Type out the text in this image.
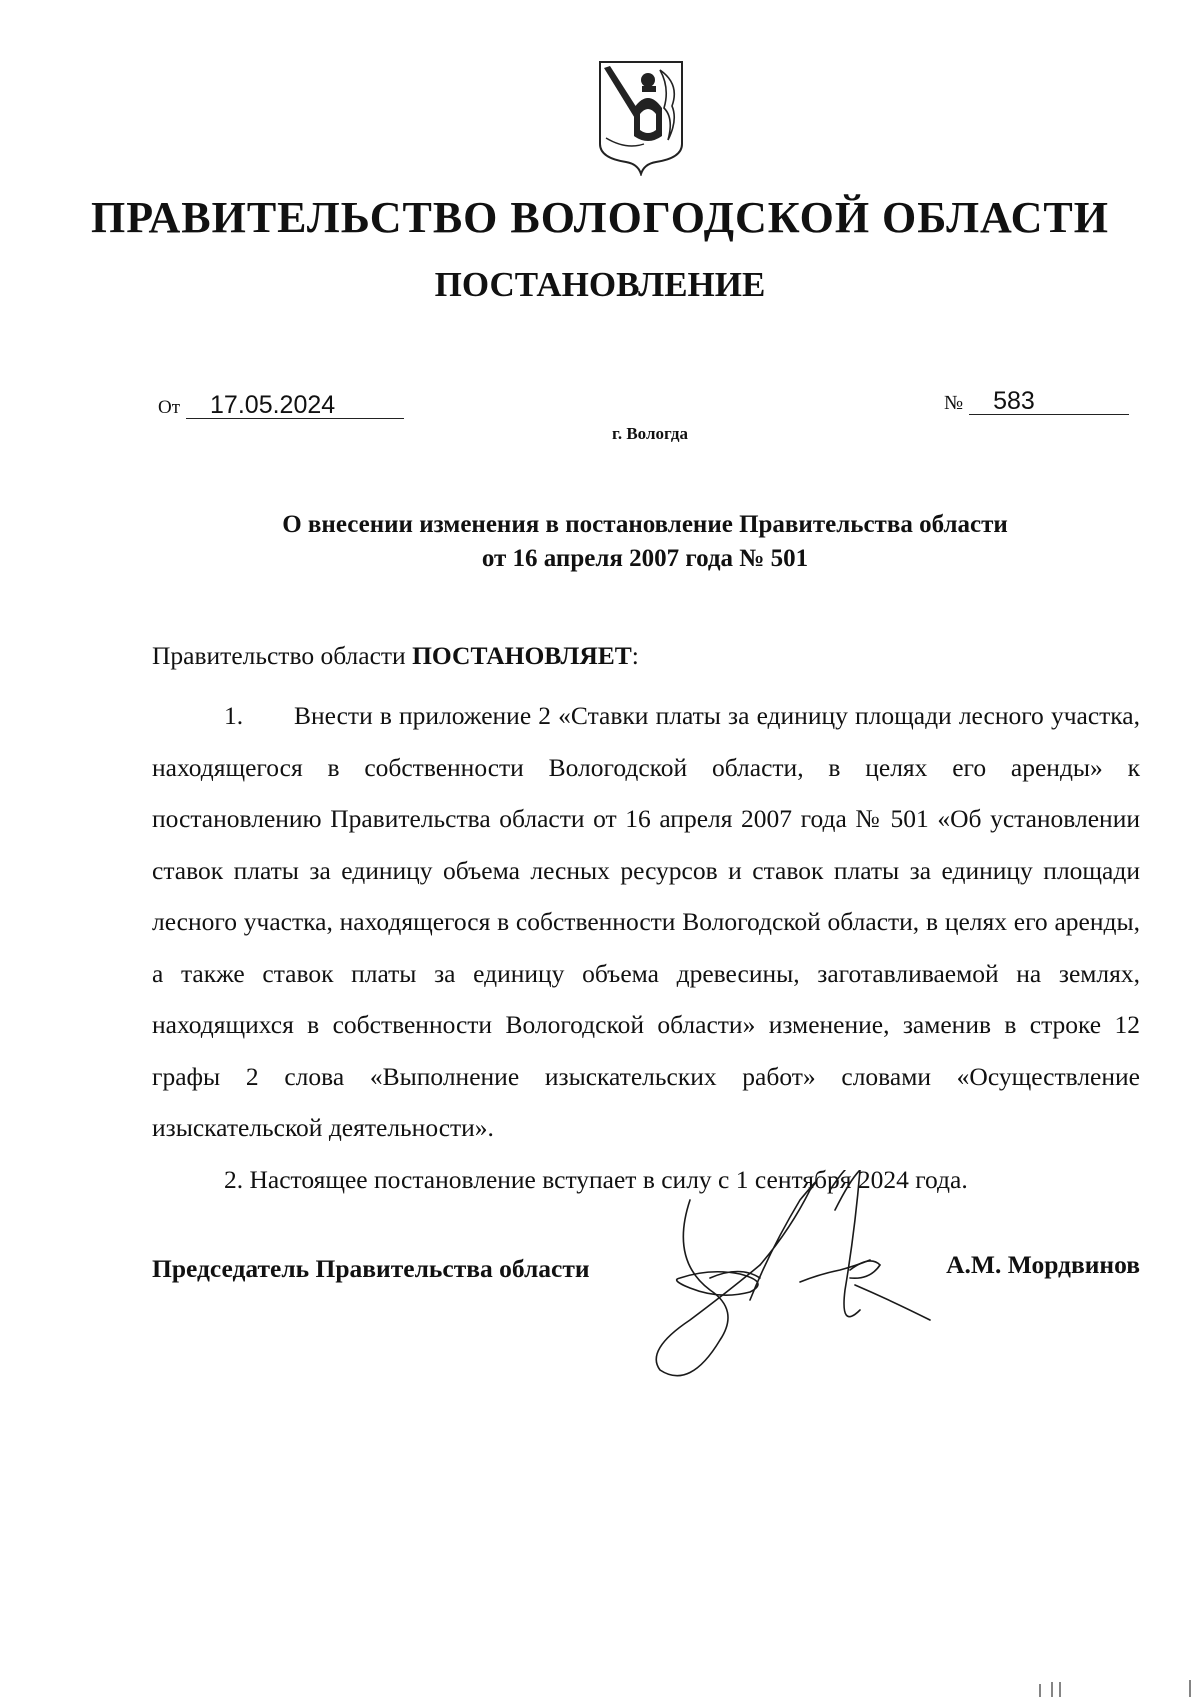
ПРАВИТЕЛЬСТВО ВОЛОГОДСКОЙ ОБЛАСТИ
ПОСТАНОВЛЕНИЕ
От 17.05.2024	№ 583
г. Вологда
О внесении изменения в постановление Правительства области
от 16 апреля 2007 года № 501

Правительство области ПОСТАНОВЛЯЕТ:

1. Внести в приложение 2 «Ставки платы за единицу площади лесного участка, находящегося в собственности Вологодской области, в целях его аренды» к постановлению Правительства области от 16 апреля 2007 года № 501 «Об установлении ставок платы за единицу объема лесных ресурсов и ставок платы за единицу площади лесного участка, находящегося в собственности Вологодской области, в целях его аренды, а также ставок платы за единицу объема древесины, заготавливаемой на землях, находящихся в собственности Вологодской области» изменение, заменив в строке 12 графы 2 слова «Выполнение изыскательских работ» словами «Осуществление изыскательской деятельности».

2. Настоящее постановление вступает в силу с 1 сентября 2024 года.

Председатель Правительства области	А.М. Мордвинов
